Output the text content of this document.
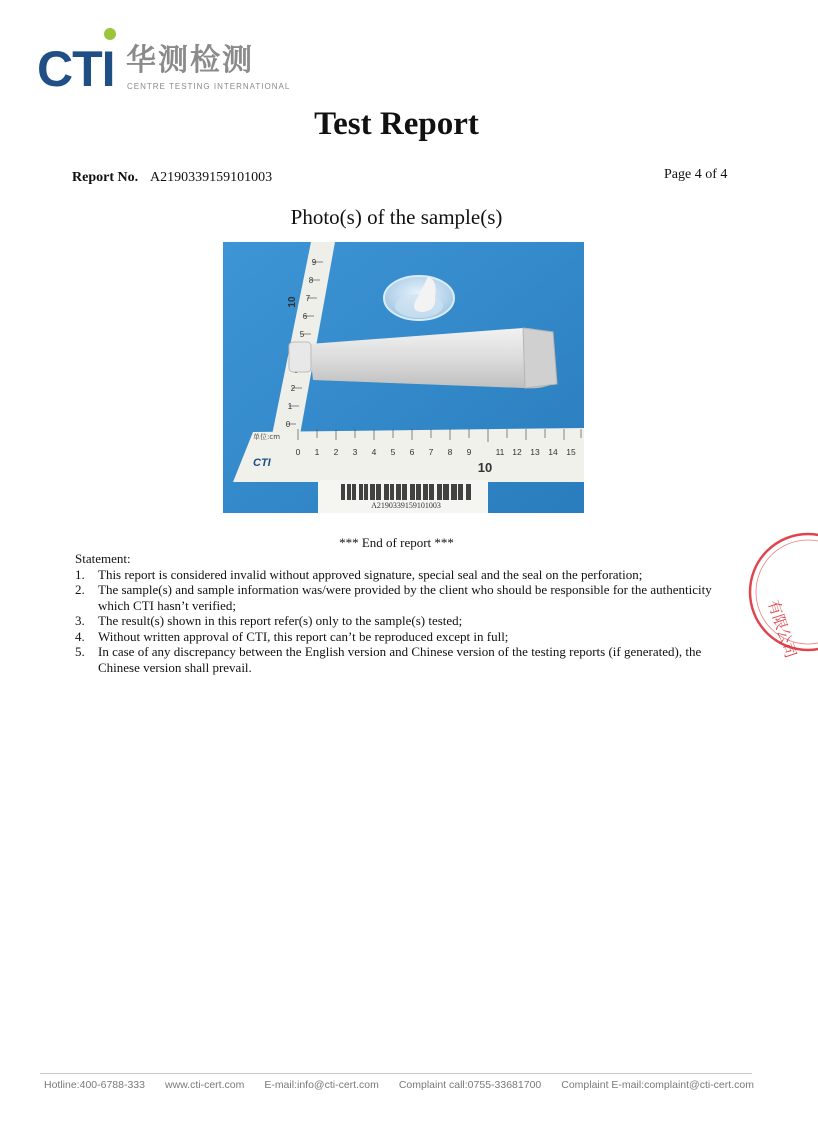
CTI 华测检测
CENTRE TESTING INTERNATIONAL
Test Report
Report No. A2190339159101003	Page 4 of 4
Photo(s) of the sample(s)
A2190339159101003
0 1 2 3 4 5 6 7 8 9
10
11 12 13 14 15
单位:cm
CTI
0
1
2
5
6
7
8
9
10
*** End of report ***
Statement:
1.	This report is considered invalid without approved signature, special seal and the seal on the perforation;
2.	The sample(s) and sample information was/were provided by the client who should be responsible for the authenticity which CTI hasn’t verified;
3.	The result(s) shown in this report refer(s) only to the sample(s) tested;
4.	Without written approval of CTI, this report can’t be reproduced except in full;
5.	In case of any discrepancy between the English version and Chinese version of the testing reports (if generated), the Chinese version shall prevail.
有限公司
Hotline:400-6788-333 www.cti-cert.com E-mail:info@cti-cert.com Complaint call:0755-33681700 Complaint E-mail:complaint@cti-cert.com
